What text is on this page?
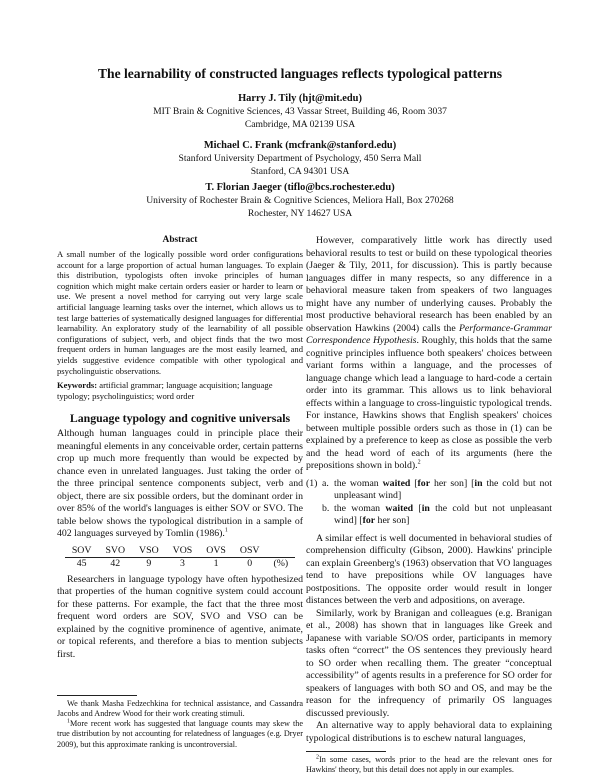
The learnability of constructed languages reflects typological patterns
Harry J. Tily (hjt@mit.edu)
MIT Brain & Cognitive Sciences, 43 Vassar Street, Building 46, Room 3037
Cambridge, MA 02139 USA
Michael C. Frank (mcfrank@stanford.edu)
Stanford University Department of Psychology, 450 Serra Mall
Stanford, CA 94301 USA
T. Florian Jaeger (tiflo@bcs.rochester.edu)
University of Rochester Brain & Cognitive Sciences, Meliora Hall, Box 270268
Rochester, NY 14627 USA
Abstract

A small number of the logically possible word order configurations account for a large proportion of actual human languages. To explain this distribution, typologists often invoke principles of human cognition which might make certain orders easier or harder to learn or use. We present a novel method for carrying out very large scale artificial language learning tasks over the internet, which allows us to test large batteries of systematically designed languages for differential learnability. An exploratory study of the learnability of all possible configurations of subject, verb, and object finds that the two most frequent orders in human languages are the most easily learned, and yields suggestive evidence compatible with other typological and psycholinguistic observations.

Keywords: artificial grammar; language acquisition; language typology; psycholinguistics; word order

Language typology and cognitive universals

Although human languages could in principle place their meaningful elements in any conceivable order, certain patterns crop up much more frequently than would be expected by chance even in unrelated languages. Just taking the order of the three principal sentence components subject, verb and object, there are six possible orders, but the dominant order in over 85% of the world's languages is either SOV or SVO. The table below shows the typological distribution in a sample of 402 languages surveyed by Tomlin (1986).$^1$

SOV	SVO	VSO	VOS	OVS	OSV	
45	42	9	3	1	0	(%)

Researchers in language typology have often hypothesized that properties of the human cognitive system could account for these patterns. For example, the fact that the three most frequent word orders are SOV, SVO and VSO can be explained by the cognitive prominence of agentive, animate, or topical referents, and therefore a bias to mention subjects first.

We thank Masha Fedzechkina for technical assistance, and Cassandra Jacobs and Andrew Wood for their work creating stimuli.

$^1$More recent work has suggested that language counts may skew the true distribution by not accounting for relatedness of languages (e.g. Dryer 2009), but this approximate ranking is uncontroversial.

However, comparatively little work has directly used behavioral results to test or build on these typological theories (Jaeger & Tily, 2011, for discussion). This is partly because languages differ in many respects, so any difference in a behavioral measure taken from speakers of two languages might have any number of underlying causes. Probably the most productive behavioral research has been enabled by an observation Hawkins (2004) calls the Performance-Grammar Correspondence Hypothesis. Roughly, this holds that the same cognitive principles influence both speakers' choices between variant forms within a language, and the processes of language change which lead a language to hard-code a certain order into its grammar. This allows us to link behavioral effects within a language to cross-linguistic typological trends. For instance, Hawkins shows that English speakers' choices between multiple possible orders such as those in (1) can be explained by a preference to keep as close as possible the verb and the head word of each of its arguments (here the prepositions shown in bold).$^2$

(1) a. the woman waited [for her son] [in the cold but not unpleasant wind]
b. the woman waited [in the cold but not unpleasant wind] [for her son]

A similar effect is well documented in behavioral studies of comprehension difficulty (Gibson, 2000). Hawkins' principle can explain Greenberg's (1963) observation that VO languages tend to have prepositions while OV languages have postpositions. The opposite order would result in longer distances between the verb and adpositions, on average.

Similarly, work by Branigan and colleagues (e.g. Branigan et al., 2008) has shown that in languages like Greek and Japanese with variable SO/OS order, participants in memory tasks often “correct” the OS sentences they previously heard to SO order when recalling them. The greater “conceptual accessibility” of agents results in a preference for SO order for speakers of languages with both SO and OS, and may be the reason for the infrequency of primarily OS languages discussed previously.

An alternative way to apply behavioral data to explaining typological distributions is to eschew natural languages,

$^2$In some cases, words prior to the head are the relevant ones for Hawkins' theory, but this detail does not apply in our examples.
